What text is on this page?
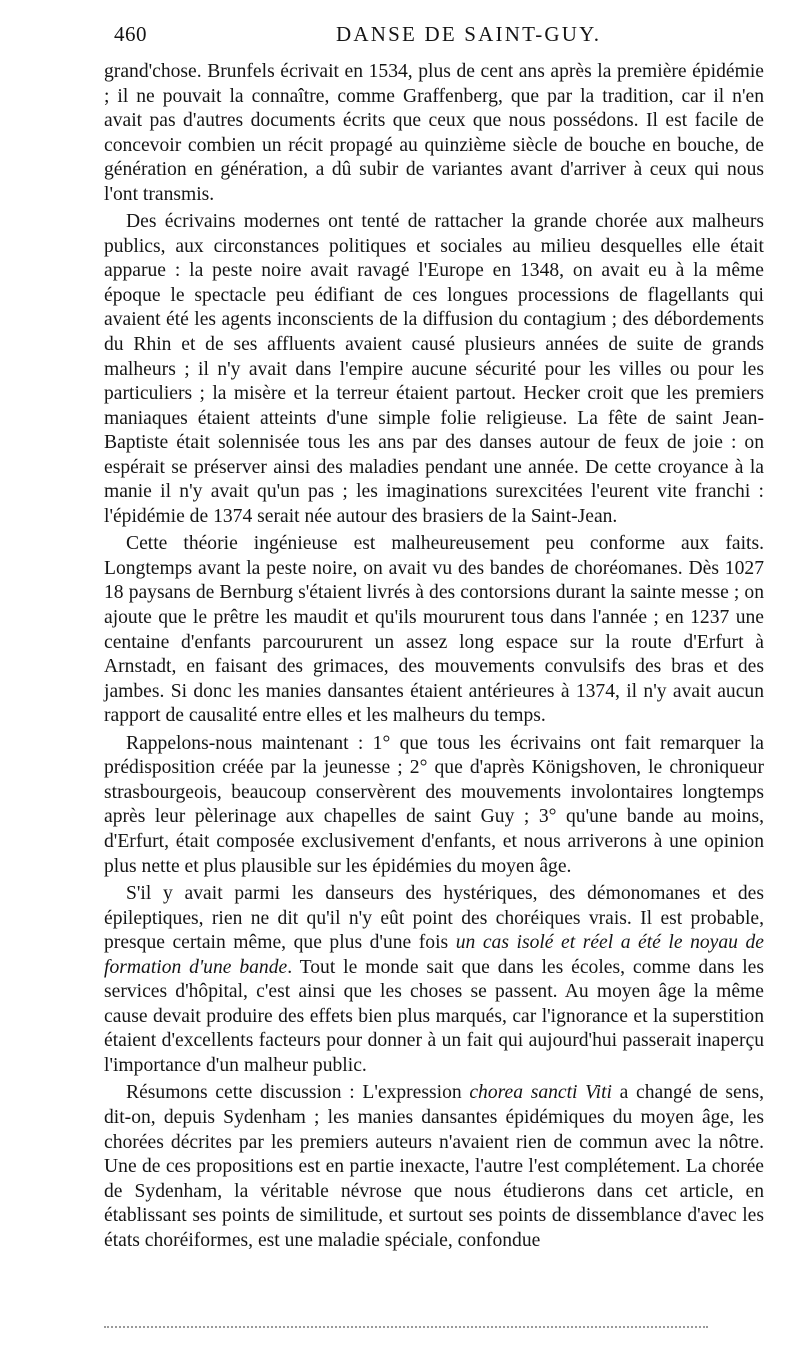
460	DANSE DE SAINT-GUY.

grand'chose. Brunfels écrivait en 1534, plus de cent ans après la première épidémie ; il ne pouvait la connaître, comme Graffenberg, que par la tradition, car il n'en avait pas d'autres documents écrits que ceux que nous possédons. Il est facile de concevoir combien un récit propagé au quinzième siècle de bouche en bouche, de génération en génération, a dû subir de variantes avant d'arriver à ceux qui nous l'ont transmis.

Des écrivains modernes ont tenté de rattacher la grande chorée aux malheurs publics, aux circonstances politiques et sociales au milieu desquelles elle était apparue : la peste noire avait ravagé l'Europe en 1348, on avait eu à la même époque le spectacle peu édifiant de ces longues processions de flagellants qui avaient été les agents inconscients de la diffusion du contagium ; des débordements du Rhin et de ses affluents avaient causé plusieurs années de suite de grands malheurs ; il n'y avait dans l'empire aucune sécurité pour les villes ou pour les particuliers ; la misère et la terreur étaient partout. Hecker croit que les premiers maniaques étaient atteints d'une simple folie religieuse. La fête de saint Jean-Baptiste était solennisée tous les ans par des danses autour de feux de joie : on espérait se préserver ainsi des maladies pendant une année. De cette croyance à la manie il n'y avait qu'un pas ; les imaginations surexcitées l'eurent vite franchi : l'épidémie de 1374 serait née autour des brasiers de la Saint-Jean.

Cette théorie ingénieuse est malheureusement peu conforme aux faits. Longtemps avant la peste noire, on avait vu des bandes de choréomanes. Dès 1027 18 paysans de Bernburg s'étaient livrés à des contorsions durant la sainte messe ; on ajoute que le prêtre les maudit et qu'ils moururent tous dans l'année ; en 1237 une centaine d'enfants parcoururent un assez long espace sur la route d'Erfurt à Arnstadt, en faisant des grimaces, des mouvements convulsifs des bras et des jambes. Si donc les manies dansantes étaient antérieures à 1374, il n'y avait aucun rapport de causalité entre elles et les malheurs du temps.

Rappelons-nous maintenant : 1° que tous les écrivains ont fait remarquer la prédisposition créée par la jeunesse ; 2° que d'après Königshoven, le chroniqueur strasbourgeois, beaucoup conservèrent des mouvements involontaires longtemps après leur pèlerinage aux chapelles de saint Guy ; 3° qu'une bande au moins, d'Erfurt, était composée exclusivement d'enfants, et nous arriverons à une opinion plus nette et plus plausible sur les épidémies du moyen âge.

S'il y avait parmi les danseurs des hystériques, des démonomanes et des épileptiques, rien ne dit qu'il n'y eût point des choréiques vrais. Il est probable, presque certain même, que plus d'une fois un cas isolé et réel a été le noyau de formation d'une bande. Tout le monde sait que dans les écoles, comme dans les services d'hôpital, c'est ainsi que les choses se passent. Au moyen âge la même cause devait produire des effets bien plus marqués, car l'ignorance et la superstition étaient d'excellents facteurs pour donner à un fait qui aujourd'hui passerait inaperçu l'importance d'un malheur public.

Résumons cette discussion : L'expression chorea sancti Viti a changé de sens, dit-on, depuis Sydenham ; les manies dansantes épidémiques du moyen âge, les chorées décrites par les premiers auteurs n'avaient rien de commun avec la nôtre. Une de ces propositions est en partie inexacte, l'autre l'est complétement. La chorée de Sydenham, la véritable névrose que nous étudierons dans cet article, en établissant ses points de similitude, et surtout ses points de dissemblance d'avec les états choréiformes, est une maladie spéciale, confondue
